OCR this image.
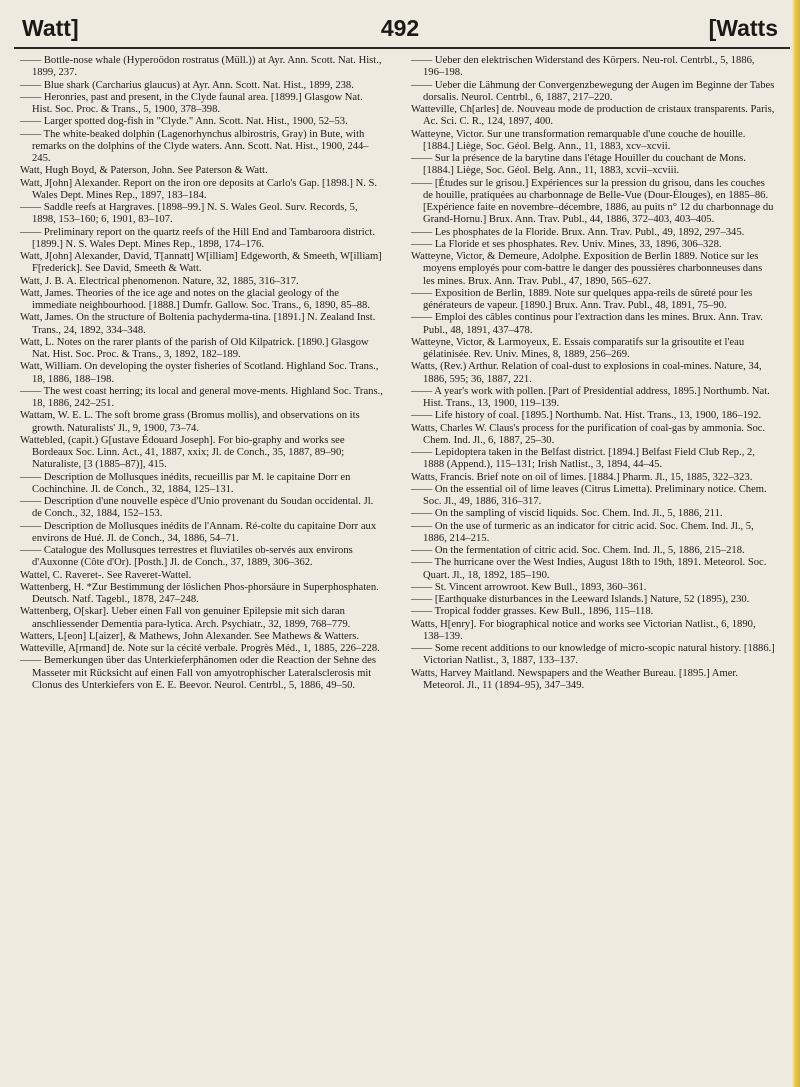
Watt]	492	[Watts

—— Bottle-nose whale (Hyperoödon rostratus (Müll.)) at Ayr. Ann. Scott. Nat. Hist., 1899, 237.

—— Blue shark (Carcharius glaucus) at Ayr. Ann. Scott. Nat. Hist., 1899, 238.

—— Heronries, past and present, in the Clyde faunal area. [1899.] Glasgow Nat. Hist. Soc. Proc. & Trans., 5, 1900, 378–398.

—— Larger spotted dog-fish in "Clyde." Ann. Scott. Nat. Hist., 1900, 52–53.

—— The white-beaked dolphin (Lagenorhynchus albirostris, Gray) in Bute, with remarks on the dolphins of the Clyde waters. Ann. Scott. Nat. Hist., 1900, 244–245.

Watt, Hugh Boyd, & Paterson, John. See Paterson & Watt.

Watt, J[ohn] Alexander. Report on the iron ore deposits at Carlo's Gap. [1898.] N. S. Wales Dept. Mines Rep., 1897, 183–184.

—— Saddle reefs at Hargraves. [1898–99.] N. S. Wales Geol. Surv. Records, 5, 1898, 153–160; 6, 1901, 83–107.

—— Preliminary report on the quartz reefs of the Hill End and Tambaroora district. [1899.] N. S. Wales Dept. Mines Rep., 1898, 174–176.

Watt, J[ohn] Alexander, David, T[annatt] W[illiam] Edgeworth, & Smeeth, W[illiam] F[rederick]. See David, Smeeth & Watt.

Watt, J. B. A. Electrical phenomenon. Nature, 32, 1885, 316–317.

Watt, James. Theories of the ice age and notes on the glacial geology of the immediate neighbourhood. [1888.] Dumfr. Gallow. Soc. Trans., 6, 1890, 85–88.

Watt, James. On the structure of Boltenia pachyderma-tina. [1891.] N. Zealand Inst. Trans., 24, 1892, 334–348.

Watt, L. Notes on the rarer plants of the parish of Old Kilpatrick. [1890.] Glasgow Nat. Hist. Soc. Proc. & Trans., 3, 1892, 182–189.

Watt, William. On developing the oyster fisheries of Scotland. Highland Soc. Trans., 18, 1886, 188–198.

—— The west coast herring; its local and general move-ments. Highland Soc. Trans., 18, 1886, 242–251.

Wattam, W. E. L. The soft brome grass (Bromus mollis), and observations on its growth. Naturalists' Jl., 9, 1900, 73–74.

Wattebled, (capit.) G[ustave Édouard Joseph]. For bio-graphy and works see Bordeaux Soc. Linn. Act., 41, 1887, xxix; Jl. de Conch., 35, 1887, 89–90; Naturaliste, [3 (1885–87)], 415.

—— Description de Mollusques inédits, recueillis par M. le capitaine Dorr en Cochinchine. Jl. de Conch., 32, 1884, 125–131.

—— Description d'une nouvelle espèce d'Unio provenant du Soudan occidental. Jl. de Conch., 32, 1884, 152–153.

—— Description de Mollusques inédits de l'Annam. Ré-colte du capitaine Dorr aux environs de Hué. Jl. de Conch., 34, 1886, 54–71.

—— Catalogue des Mollusques terrestres et fluviatiles ob-servés aux environs d'Auxonne (Côte d'Or). [Posth.] Jl. de Conch., 37, 1889, 306–362.

Wattel, C. Raveret-. See Raveret-Wattel.

Wattenberg, H. *Zur Bestimmung der löslichen Phos-phorsäure in Superphosphaten. Deutsch. Natf. Tagebl., 1878, 247–248.

Wattenberg, O[skar]. Ueber einen Fall von genuiner Epilepsie mit sich daran anschliessender Dementia para-lytica. Arch. Psychiatr., 32, 1899, 768–779.

Watters, L[eon] L[aizer], & Mathews, John Alexander. See Mathews & Watters.

Watteville, A[rmand] de. Note sur la cécité verbale. Progrès Méd., 1, 1885, 226–228.

—— Bemerkungen über das Unterkieferphänomen oder die Reaction der Sehne des Masseter mit Rücksicht auf einen Fall von amyotrophischer Lateralsclerosis mit Clonus des Unterkiefers von E. E. Beevor. Neurol. Centrbl., 5, 1886, 49–50.

—— Ueber den elektrischen Widerstand des Körpers. Neu-rol. Centrbl., 5, 1886, 196–198.

—— Ueber die Lähmung der Convergenzbewegung der Augen im Beginne der Tabes dorsalis. Neurol. Centrbl., 6, 1887, 217–220.

Watteville, Ch[arles] de. Nouveau mode de production de cristaux transparents. Paris, Ac. Sci. C. R., 124, 1897, 400.

Watteyne, Victor. Sur une transformation remarquable d'une couche de houille. [1884.] Liège, Soc. Géol. Belg. Ann., 11, 1883, xcv–xcvii.

—— Sur la présence de la barytine dans l'étage Houiller du couchant de Mons. [1884.] Liège, Soc. Géol. Belg. Ann., 11, 1883, xcvii–xcviii.

—— [Études sur le grisou.] Expériences sur la pression du grisou, dans les couches de houille, pratiquées au charbonnage de Belle-Vue (Dour-Élouges), en 1885–86. [Expérience faite en novembre–décembre, 1886, au puits n° 12 du charbonnage du Grand-Hornu.] Brux. Ann. Trav. Publ., 44, 1886, 372–403, 403–405.

—— Les phosphates de la Floride. Brux. Ann. Trav. Publ., 49, 1892, 297–345.

—— La Floride et ses phosphates. Rev. Univ. Mines, 33, 1896, 306–328.

Watteyne, Victor, & Demeure, Adolphe. Exposition de Berlin 1889. Notice sur les moyens employés pour com-battre le danger des poussières charbonneuses dans les mines. Brux. Ann. Trav. Publ., 47, 1890, 565–627.

—— Exposition de Berlin, 1889. Note sur quelques appa-reils de sûreté pour les générateurs de vapeur. [1890.] Brux. Ann. Trav. Publ., 48, 1891, 75–90.

—— Emploi des câbles continus pour l'extraction dans les mines. Brux. Ann. Trav. Publ., 48, 1891, 437–478.

Watteyne, Victor, & Larmoyeux, E. Essais comparatifs sur la grisoutite et l'eau gélatinisée. Rev. Univ. Mines, 8, 1889, 256–269.

Watts, (Rev.) Arthur. Relation of coal-dust to explosions in coal-mines. Nature, 34, 1886, 595; 36, 1887, 221.

—— A year's work with pollen. [Part of Presidential address, 1895.] Northumb. Nat. Hist. Trans., 13, 1900, 119–139.

—— Life history of coal. [1895.] Northumb. Nat. Hist. Trans., 13, 1900, 186–192.

Watts, Charles W. Claus's process for the purification of coal-gas by ammonia. Soc. Chem. Ind. Jl., 6, 1887, 25–30.

—— Lepidoptera taken in the Belfast district. [1894.] Belfast Field Club Rep., 2, 1888 (Append.), 115–131; Irish Natlist., 3, 1894, 44–45.

Watts, Francis. Brief note on oil of limes. [1884.] Pharm. Jl., 15, 1885, 322–323.

—— On the essential oil of lime leaves (Citrus Limetta). Preliminary notice. Chem. Soc. Jl., 49, 1886, 316–317.

—— On the sampling of viscid liquids. Soc. Chem. Ind. Jl., 5, 1886, 211.

—— On the use of turmeric as an indicator for citric acid. Soc. Chem. Ind. Jl., 5, 1886, 214–215.

—— On the fermentation of citric acid. Soc. Chem. Ind. Jl., 5, 1886, 215–218.

—— The hurricane over the West Indies, August 18th to 19th, 1891. Meteorol. Soc. Quart. Jl., 18, 1892, 185–190.

—— St. Vincent arrowroot. Kew Bull., 1893, 360–361.

—— [Earthquake disturbances in the Leeward Islands.] Nature, 52 (1895), 230.

—— Tropical fodder grasses. Kew Bull., 1896, 115–118.

Watts, H[enry]. For biographical notice and works see Victorian Natlist., 6, 1890, 138–139.

—— Some recent additions to our knowledge of micro-scopic natural history. [1886.] Victorian Natlist., 3, 1887, 133–137.

Watts, Harvey Maitland. Newspapers and the Weather Bureau. [1895.] Amer. Meteorol. Jl., 11 (1894–95), 347–349.
